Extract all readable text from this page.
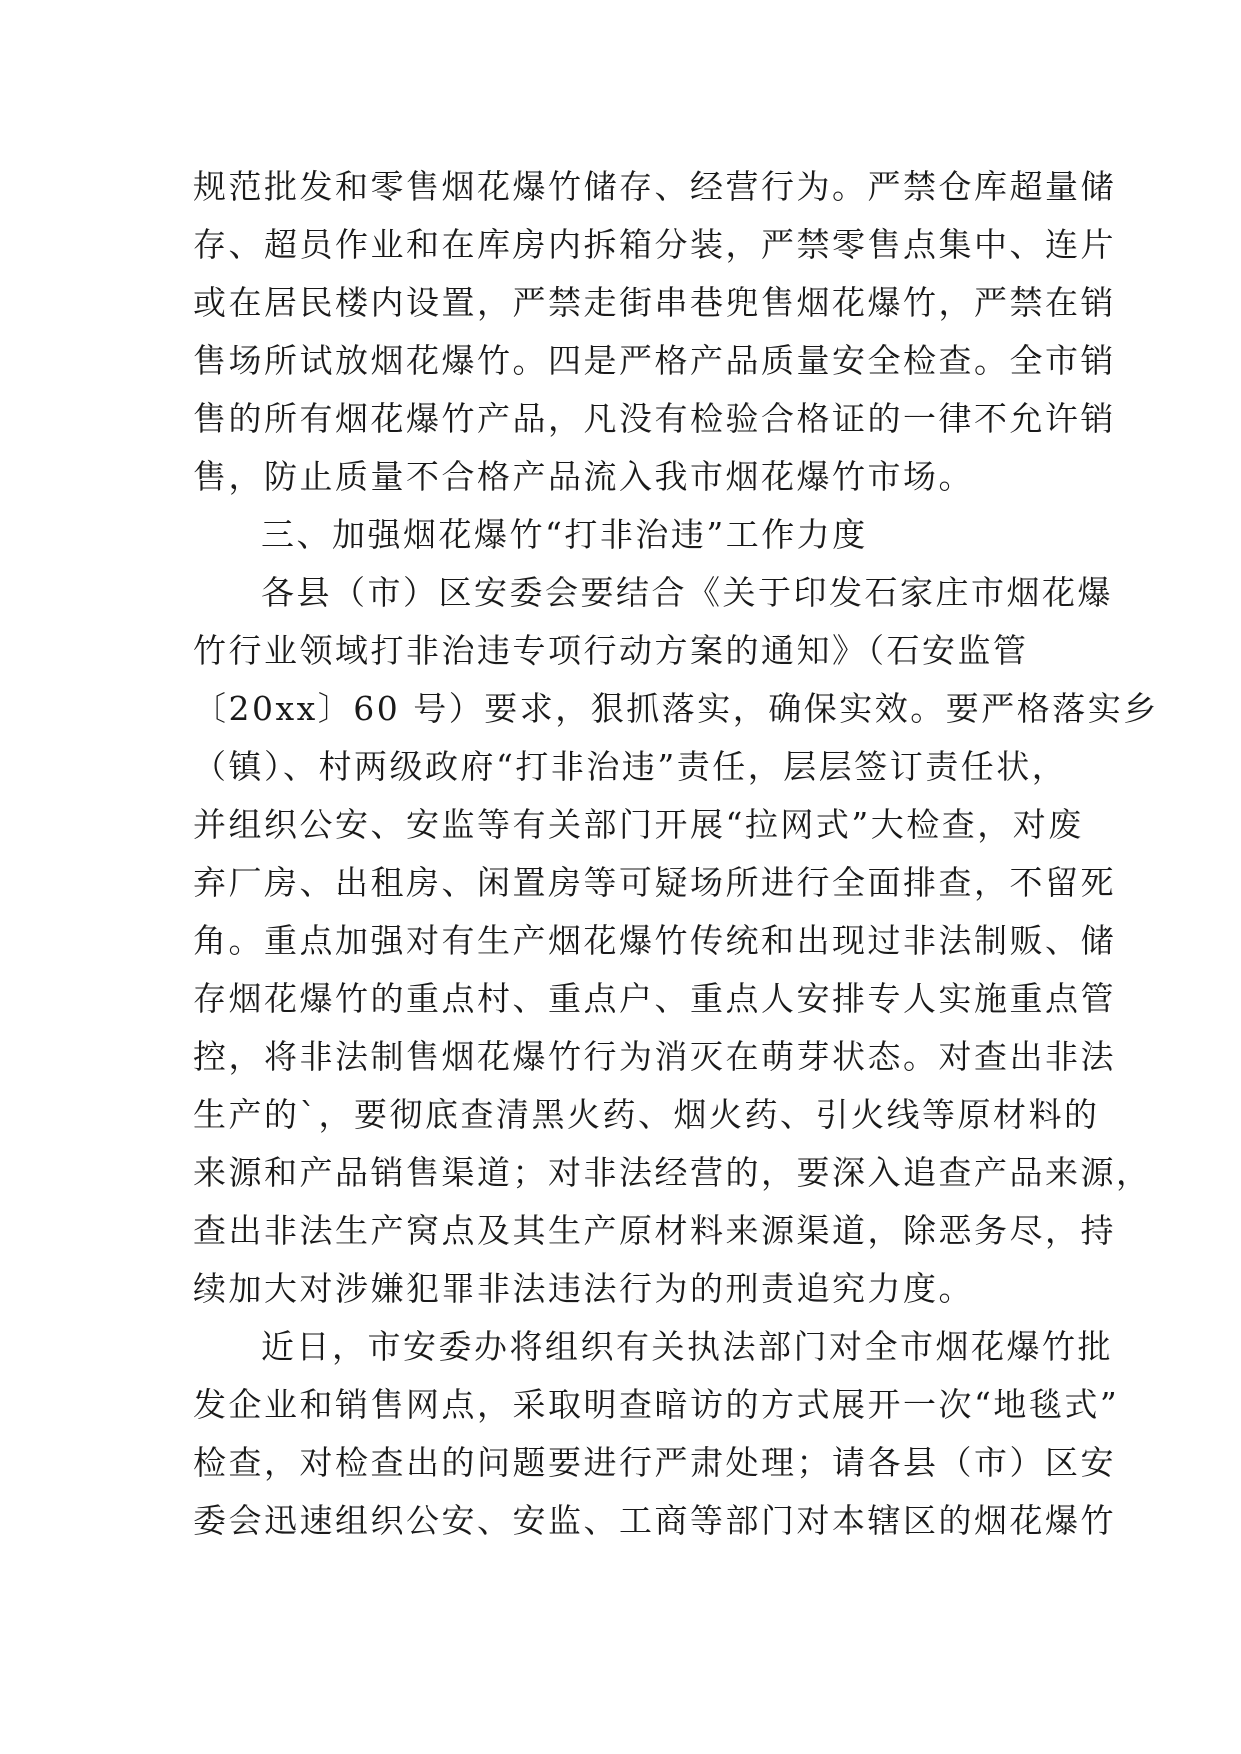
规范批发和零售烟花爆竹储存、经营行为。严禁仓库超量储
存、超员作业和在库房内拆箱分装，严禁零售点集中、连片
或在居民楼内设置，严禁走街串巷兜售烟花爆竹，严禁在销
售场所试放烟花爆竹。四是严格产品质量安全检查。全市销
售的所有烟花爆竹产品，凡没有检验合格证的一律不允许销
售，防止质量不合格产品流入我市烟花爆竹市场。
三、加强烟花爆竹“打非治违”工作力度
各县（市）区安委会要结合《关于印发石家庄市烟花爆
竹行业领域打非治违专项行动方案的通知》（石安监管
〔20xx〕60 号）要求，狠抓落实，确保实效。要严格落实乡
（镇）、村两级政府“打非治违”责任，层层签订责任状，
并组织公安、安监等有关部门开展“拉网式”大检查，对废
弃厂房、出租房、闲置房等可疑场所进行全面排查，不留死
角。重点加强对有生产烟花爆竹传统和出现过非法制贩、储
存烟花爆竹的重点村、重点户、重点人安排专人实施重点管
控，将非法制售烟花爆竹行为消灭在萌芽状态。对查出非法
生产的`，要彻底查清黑火药、烟火药、引火线等原材料的
来源和产品销售渠道；对非法经营的，要深入追查产品来源，
查出非法生产窝点及其生产原材料来源渠道，除恶务尽，持
续加大对涉嫌犯罪非法违法行为的刑责追究力度。
近日，市安委办将组织有关执法部门对全市烟花爆竹批
发企业和销售网点，采取明查暗访的方式展开一次“地毯式”
检查，对检查出的问题要进行严肃处理；请各县（市）区安
委会迅速组织公安、安监、工商等部门对本辖区的烟花爆竹
